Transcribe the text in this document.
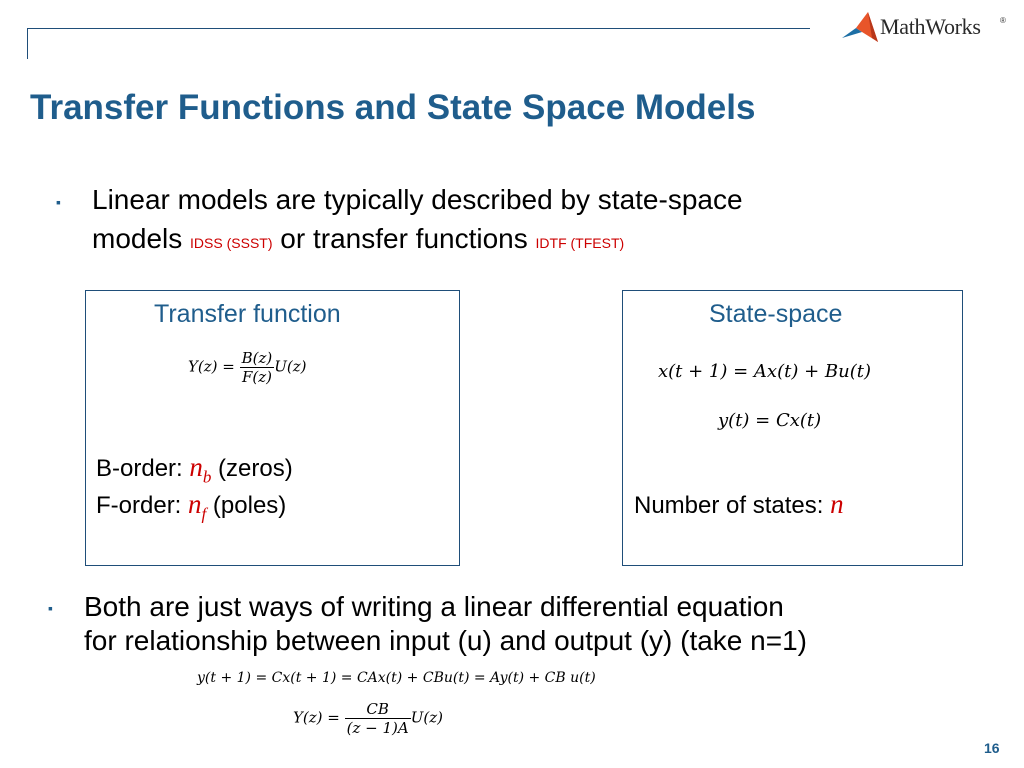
MathWorks ®
Transfer Functions and State Space Models
▪ Linear models are typically described by state-space
models IDSS (SSST) or transfer functions IDTF (TFEST)
Transfer function
$Y(z) = \frac{B(z)}{F(z)} U(z)$
B-order: $n_b$ (zeros)
F-order: $n_f$ (poles)
State-space
x(t + 1) = Ax(t) + Bu(t)
y(t) = Cx(t)
Number of states: n
▪ Both are just ways of writing a linear differential equation
for relationship between input (u) and output (y) (take n=1)
y(t + 1) = Cx(t + 1) = CAx(t) + CBu(t) = Ay(t) + CB u(t)
$Y(z) = \frac{CB}{(z - 1)A} U(z)$
16
